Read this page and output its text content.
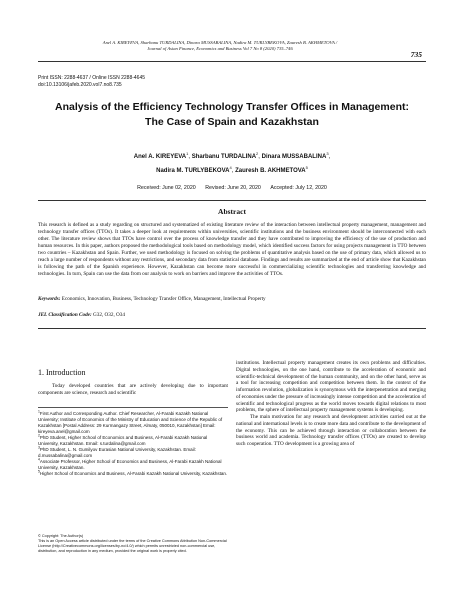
Anel A. KIREYEVA, Sharbanu TURDALINA, Dinara MUSSABALINA, Nadira M. TURLYBEKOVA, Zauresh B. AKHMETOVA /
Journal of Asian Finance, Economics and Business Vol 7 No 8 (2020) 735–746
735
Print ISSN: 2288-4637 / Online ISSN 2288-4645
doi:10.13106/jafeb.2020.vol7.no8.735
Analysis of the Efficiency Technology Transfer Offices in Management:
The Case of Spain and Kazakhstan
Anel A. KIREYEVA$^1$, Sharbanu TURDALINA$^2$, Dinara MUSSABALINA$^3$,
Nadira M. TURLYBEKOVA$^4$, Zauresh B. AKHMETOVA$^5$
Received: June 02, 2020 Revised: June 20, 2020 Accepted: July 12, 2020
Abstract

This research is defined as a study regarding on structured and systematized of existing literature review of the interaction between intellectual property management, management and technology transfer offices (TTOs). It takes a deeper look at requirements within universities, scientific institutions and the business environment should be interconnected with each other. The literature review shows that TTOs have control over the process of knowledge transfer and they have contributed to improving the efficiency of the use of production and human resources. In this paper, authors proposed the methodological tools based on methodology model, which identified success factors for using projects management in TTO between two countries – Kazakhstan and Spain. Further, we used methodology is focused on solving the problems of quantitative analysis based on the use of primary data, which allowed us to reach a large number of respondents without any restrictions, and secondary data from statistical database. Findings and results are summarized at the end of article show that Kazakhstan is following the path of the Spanish experience. However, Kazakhstan can become more successful in commercializing scientific technologies and transferring knowledge and technologies. In turn, Spain can use the data from our analysis to work on barriers and improve the activities of TTOs.

Keywords: Economics, Innovation, Business, Technology Transfer Office, Management, Intellectual Property
JEL Classification Code: G32, O32, O34
1. Introduction

Today developed countries that are actively developing due to important components are science, research and scientific

$^1$First Author and Corresponding Author. Chief Researcher, Al-Farabi Kazakh National University; Institute of Economics of the Ministry of Education and Science of the Republic of Kazakhstan [Postal Address: 29 Kurmangazy Street, Almaty, 050010, Kazakhstan] Email: kireyeva.anel@gmail.com

$^2$PhD Student, Higher School of Economics and Business, Al-Farabi Kazakh National University, Kazakhstan. Email: s.turdalina@gmail.com

$^3$PhD Student, L. N. Gumilyov Eurasian National University, Kazakhstan. Email: d.mussabalina@gmail.com

$^4$Associate Professor, Higher School of Economics and Business, Al-Farabi Kazakh National University, Kazakhstan.

$^5$Higher School of Economics and Business, Al-Farabi Kazakh National University, Kazakhstan.

© Copyright: The Author(s)

This is an Open Access article distributed under the terms of the Creative Commons Attribution Non-Commercial License (http://Creativecommons.org/licenses/by-nc/4.0/) which permits unrestricted non-commercial use, distribution, and reproduction in any medium, provided the original work is properly cited.

institutions. Intellectual property management creates its own problems and difficulties. Digital technologies, on the one hand, contribute to the acceleration of economic and scientific-technical development of the human community, and on the other hand, serve as a tool for increasing competition and competition between them. In the context of the information revolution, globalization is synonymous with the interpenetration and merging of economies under the pressure of increasingly intense competition and the acceleration of scientific and technological progress as the world moves towards digital relations to most problems, the sphere of intellectual property management systems is developing.

The main motivation for any research and development activities carried out at the national and international levels is to create more data and contribute to the development of the economy. This can be achieved through interaction or collaboration between the business world and academia. Technology transfer offices (TTOs) are created to develop such cooperation. TTO development is a growing area of
